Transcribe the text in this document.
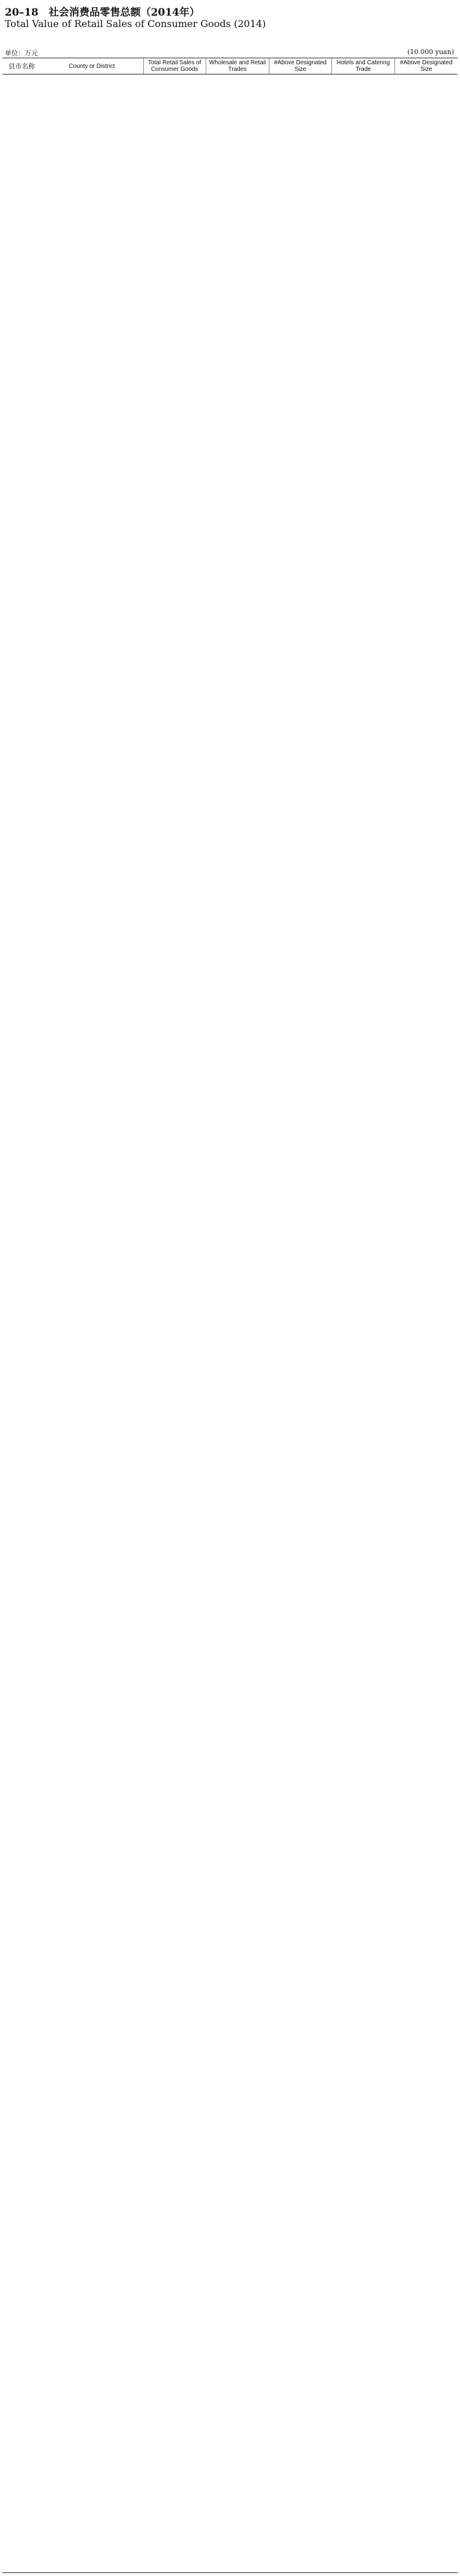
20–18　社会消费品零售总额（2014年）
Total Value of Retail Sales of Consumer Goods (2014)
单位：万元	(10 000 yuan)
县市名称	County or District	Total Retail Sales of Consumer Goods	Wholesale and Retail Trades	#Above Designated Size	Hotels and Catering Trade	#Above Designated Size
